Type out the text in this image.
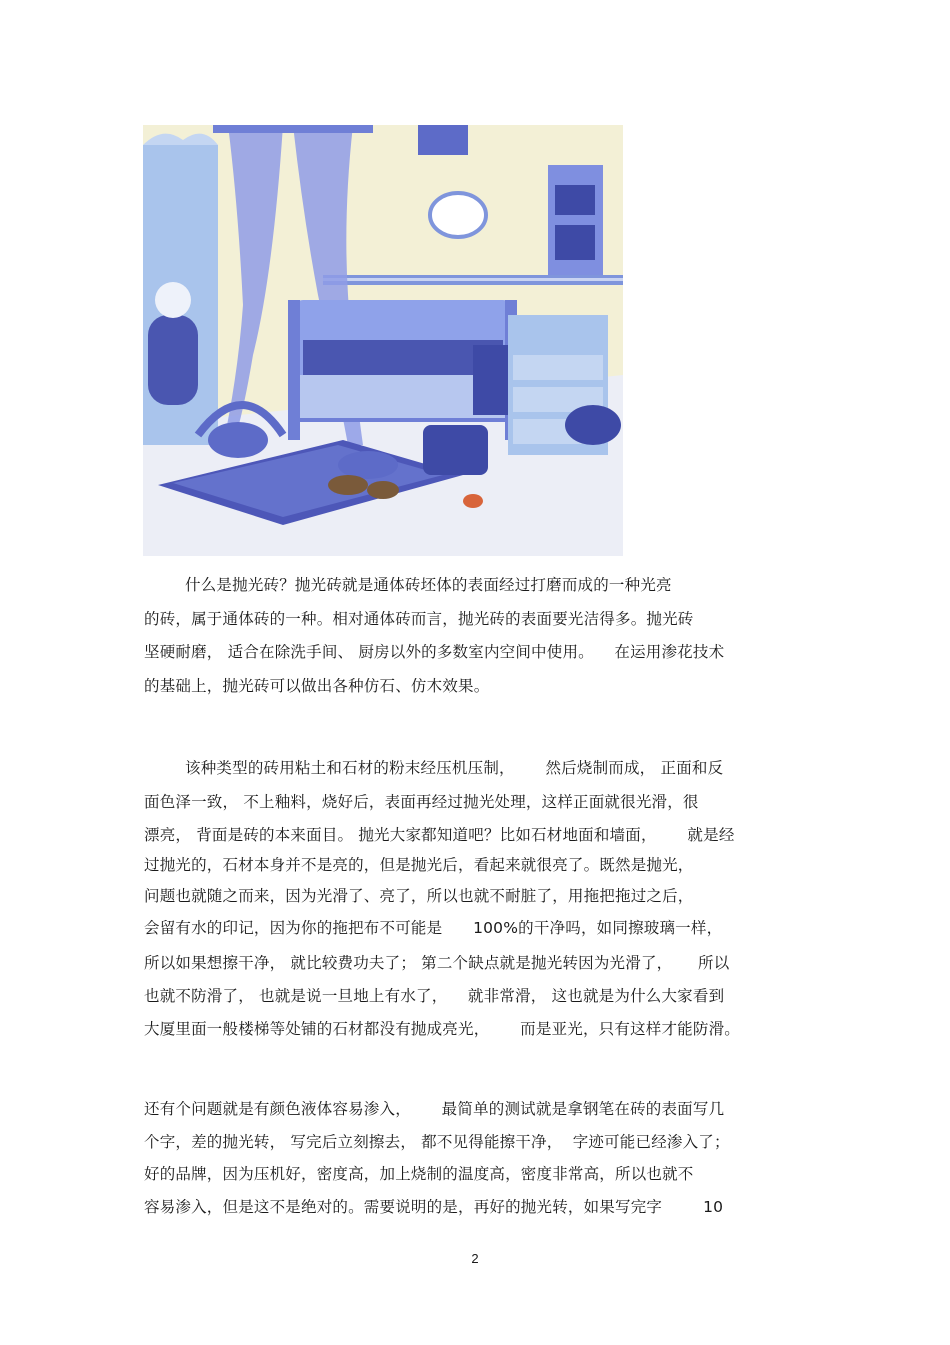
什么是抛光砖？抛光砖就是通体砖坯体的表面经过打磨而成的一种光亮
的砖，属于通体砖的一种。相对通体砖而言，抛光砖的表面要光洁得多。抛光砖
坚硬耐磨， 适合在除洗手间、 厨房以外的多数室内空间中使用。    在运用渗花技术
的基础上，抛光砖可以做出各种仿石、仿木效果。
该种类型的砖用粘土和石材的粉末经压机压制，      然后烧制而成， 正面和反
面色泽一致， 不上釉料，烧好后，表面再经过抛光处理，这样正面就很光滑，很
漂亮， 背面是砖的本来面目。 抛光大家都知道吧？比如石材地面和墙面，      就是经
过抛光的，石材本身并不是亮的，但是抛光后，看起来就很亮了。既然是抛光，
问题也就随之而来，因为光滑了、亮了，所以也就不耐脏了，用拖把拖过之后，
会留有水的印记，因为你的拖把布不可能是      100%的干净吗，如同擦玻璃一样，
所以如果想擦干净， 就比较费功夫了； 第二个缺点就是抛光转因为光滑了，     所以
也就不防滑了， 也就是说一旦地上有水了，    就非常滑， 这也就是为什么大家看到
大厦里面一般楼梯等处铺的石材都没有抛成亮光，      而是亚光，只有这样才能防滑。
还有个问题就是有颜色液体容易渗入，      最简单的测试就是拿钢笔在砖的表面写几
个字，差的抛光转， 写完后立刻擦去， 都不见得能擦干净，  字迹可能已经渗入了；
好的品牌，因为压机好，密度高，加上烧制的温度高，密度非常高，所以也就不
容易渗入，但是这不是绝对的。需要说明的是，再好的抛光转，如果写完字        10
2
